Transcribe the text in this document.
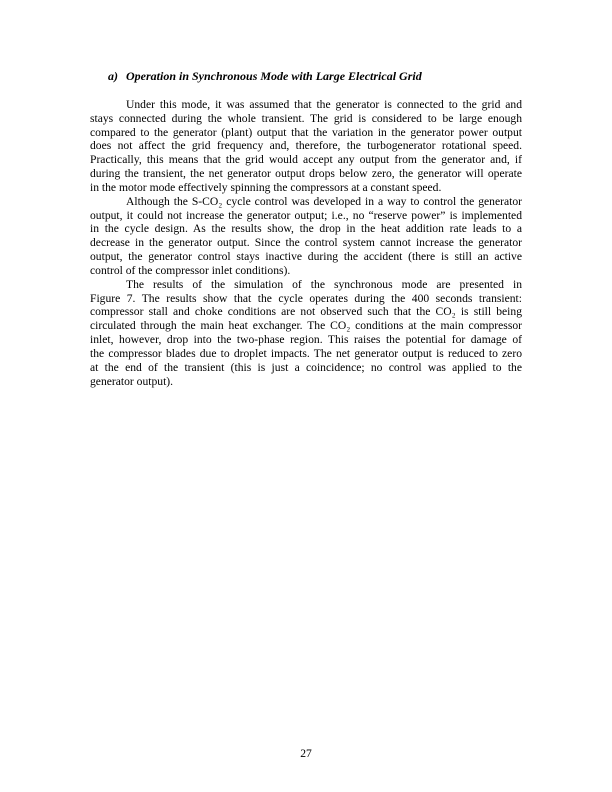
a) Operation in Synchronous Mode with Large Electrical Grid
Under this mode, it was assumed that the generator is connected to the grid and
stays connected during the whole transient. The grid is considered to be large enough
compared to the generator (plant) output that the variation in the generator power output
does not affect the grid frequency and, therefore, the turbogenerator rotational speed.
Practically, this means that the grid would accept any output from the generator and, if
during the transient, the net generator output drops below zero, the generator will operate
in the motor mode effectively spinning the compressors at a constant speed.
Although the S-CO₂ cycle control was developed in a way to control the generator
output, it could not increase the generator output; i.e., no “reserve power” is implemented
in the cycle design. As the results show, the drop in the heat addition rate leads to a
decrease in the generator output. Since the control system cannot increase the generator
output, the generator control stays inactive during the accident (there is still an active
control of the compressor inlet conditions).
The results of the simulation of the synchronous mode are presented in
Figure 7. The results show that the cycle operates during the 400 seconds transient:
compressor stall and choke conditions are not observed such that the CO₂ is still being
circulated through the main heat exchanger. The CO₂ conditions at the main compressor
inlet, however, drop into the two-phase region. This raises the potential for damage of
the compressor blades due to droplet impacts. The net generator output is reduced to zero
at the end of the transient (this is just a coincidence; no control was applied to the
generator output).
27
